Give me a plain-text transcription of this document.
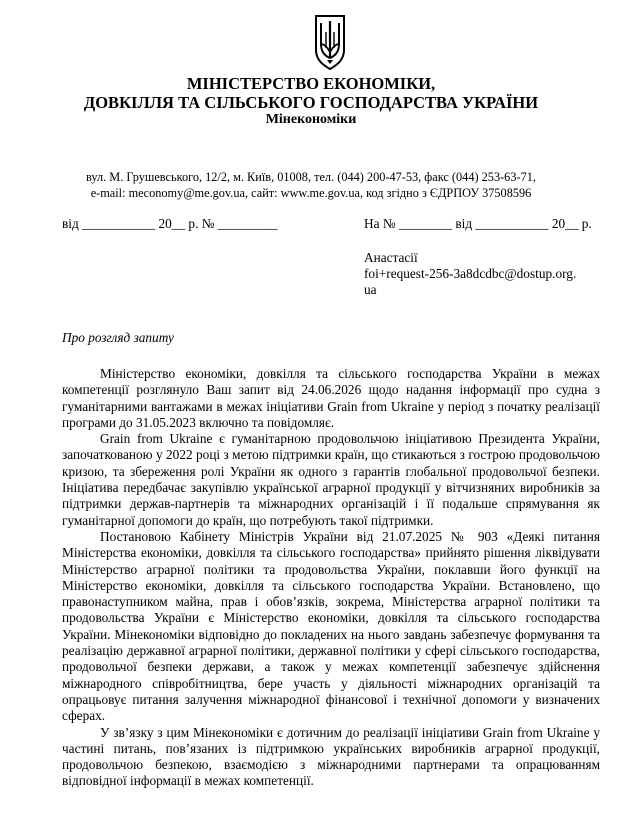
МІНІСТЕРСТВО ЕКОНОМІКИ,
ДОВКІЛЛЯ ТА СІЛЬСЬКОГО ГОСПОДАРСТВА УКРАЇНИ
Мінекономіки
вул. М. Грушевського, 12/2, м. Київ, 01008, тел. (044) 200-47-53, факс (044) 253-63-71,
e-mail: meconomy@me.gov.ua, сайт: www.me.gov.ua, код згідно з ЄДРПОУ 37508596
від ___________ 20__ р. № _________	На № ________ від ___________ 20__ р.
Анастасії
foi+request-256-3a8dcdbc@dostup.org.
ua
Про розгляд запиту

Міністерство економіки, довкілля та сільського господарства України в межах компетенції розглянуло Ваш запит від 24.06.2026 щодо надання інформації про судна з гуманітарними вантажами в межах ініціативи Grain from Ukraine у період з початку реалізації програми до 31.05.2023 включно та повідомляє.

Grain from Ukraine є гуманітарною продовольчою ініціативою Президента України, започаткованою у 2022 році з метою підтримки країн, що стикаються з гострою продовольчою кризою, та збереження ролі України як одного з гарантів глобальної продовольчої безпеки. Ініціатива передбачає закупівлю української аграрної продукції у вітчизняних виробників за підтримки держав-партнерів та міжнародних організацій і її подальше спрямування як гуманітарної допомоги до країн, що потребують такої підтримки.

Постановою Кабінету Міністрів України від 21.07.2025 № 903 «Деякі питання Міністерства економіки, довкілля та сільського господарства» прийнято рішення ліквідувати Міністерство аграрної політики та продовольства України, поклавши його функції на Міністерство економіки, довкілля та сільського господарства України. Встановлено, що правонаступником майна, прав і обов’язків, зокрема, Міністерства аграрної політики та продовольства України є Міністерство економіки, довкілля та сільського господарства України. Мінекономіки відповідно до покладених на нього завдань забезпечує формування та реалізацію державної аграрної політики, державної політики у сфері сільського господарства, продовольчої безпеки держави, а також у межах компетенції забезпечує здійснення міжнародного співробітництва, бере участь у діяльності міжнародних організацій та опрацьовує питання залучення міжнародної фінансової і технічної допомоги у визначених сферах.

У зв’язку з цим Мінекономіки є дотичним до реалізації ініціативи Grain from Ukraine у частині питань, пов’язаних із підтримкою українських виробників аграрної продукції, продовольчою безпекою, взаємодією з міжнародними партнерами та опрацюванням відповідної інформації в межах компетенції.
